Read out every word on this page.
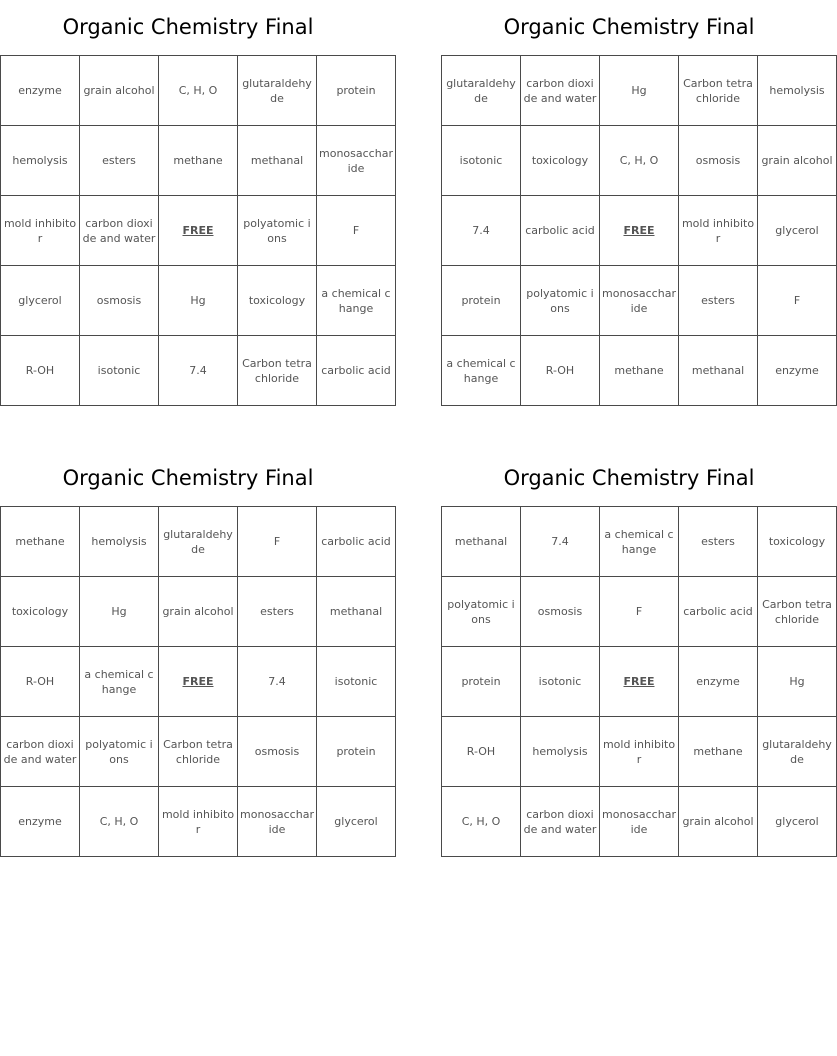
Organic Chemistry Final
enzyme	grain alcohol	C, H, O	glutaraldehyde	protein
hemolysis	esters	methane	methanal	monosaccharide
mold inhibitor	carbon dioxide and water	FREE	polyatomic ions	F
glycerol	osmosis	Hg	toxicology	a chemical change
R-OH	isotonic	7.4	Carbon tetrachloride	carbolic acid
Organic Chemistry Final
glutaraldehyde	carbon dioxide and water	Hg	Carbon tetrachloride	hemolysis
isotonic	toxicology	C, H, O	osmosis	grain alcohol
7.4	carbolic acid	FREE	mold inhibitor	glycerol
protein	polyatomic ions	monosaccharide	esters	F
a chemical change	R-OH	methane	methanal	enzyme
Organic Chemistry Final
methane	hemolysis	glutaraldehyde	F	carbolic acid
toxicology	Hg	grain alcohol	esters	methanal
R-OH	a chemical change	FREE	7.4	isotonic
carbon dioxide and water	polyatomic ions	Carbon tetrachloride	osmosis	protein
enzyme	C, H, O	mold inhibitor	monosaccharide	glycerol
Organic Chemistry Final
methanal	7.4	a chemical change	esters	toxicology
polyatomic ions	osmosis	F	carbolic acid	Carbon tetrachloride
protein	isotonic	FREE	enzyme	Hg
R-OH	hemolysis	mold inhibitor	methane	glutaraldehyde
C, H, O	carbon dioxide and water	monosaccharide	grain alcohol	glycerol
